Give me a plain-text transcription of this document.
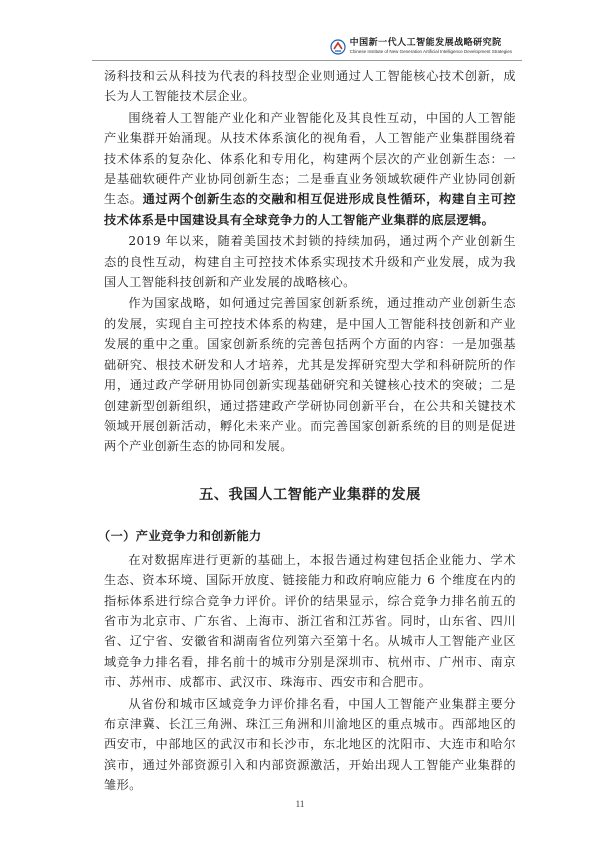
中国新一代人工智能发展战略研究院
Chinese Institute of New Generation Artificial Intelligence Development Strategies

汤科技和云从科技为代表的科技型企业则通过人工智能核心技术创新，成长为人工智能技术层企业。

围绕着人工智能产业化和产业智能化及其良性互动，中国的人工智能产业集群开始涌现。从技术体系演化的视角看，人工智能产业集群围绕着技术体系的复杂化、体系化和专用化，构建两个层次的产业创新生态：一是基础软硬件产业协同创新生态；二是垂直业务领域软硬件产业协同创新生态。通过两个创新生态的交融和相互促进形成良性循环，构建自主可控技术体系是中国建设具有全球竞争力的人工智能产业集群的底层逻辑。

2019 年以来，随着美国技术封锁的持续加码，通过两个产业创新生态的良性互动，构建自主可控技术体系实现技术升级和产业发展，成为我国人工智能科技创新和产业发展的战略核心。

作为国家战略，如何通过完善国家创新系统，通过推动产业创新生态的发展，实现自主可控技术体系的构建，是中国人工智能科技创新和产业发展的重中之重。国家创新系统的完善包括两个方面的内容：一是加强基础研究、根技术研发和人才培养，尤其是发挥研究型大学和科研院所的作用，通过政产学研用协同创新实现基础研究和关键核心技术的突破；二是创建新型创新组织，通过搭建政产学研协同创新平台，在公共和关键技术领域开展创新活动，孵化未来产业。而完善国家创新系统的目的则是促进两个产业创新生态的协同和发展。

五、我国人工智能产业集群的发展
（一）产业竞争力和创新能力

在对数据库进行更新的基础上，本报告通过构建包括企业能力、学术生态、资本环境、国际开放度、链接能力和政府响应能力 6 个维度在内的指标体系进行综合竞争力评价。评价的结果显示，综合竞争力排名前五的省市为北京市、广东省、上海市、浙江省和江苏省。同时，山东省、四川省、辽宁省、安徽省和湖南省位列第六至第十名。从城市人工智能产业区域竞争力排名看，排名前十的城市分别是深圳市、杭州市、广州市、南京市、苏州市、成都市、武汉市、珠海市、西安市和合肥市。

从省份和城市区域竞争力评价排名看，中国人工智能产业集群主要分布京津冀、长江三角洲、珠江三角洲和川渝地区的重点城市。西部地区的西安市，中部地区的武汉市和长沙市，东北地区的沈阳市、大连市和哈尔滨市，通过外部资源引入和内部资源激活，开始出现人工智能产业集群的雏形。

11
